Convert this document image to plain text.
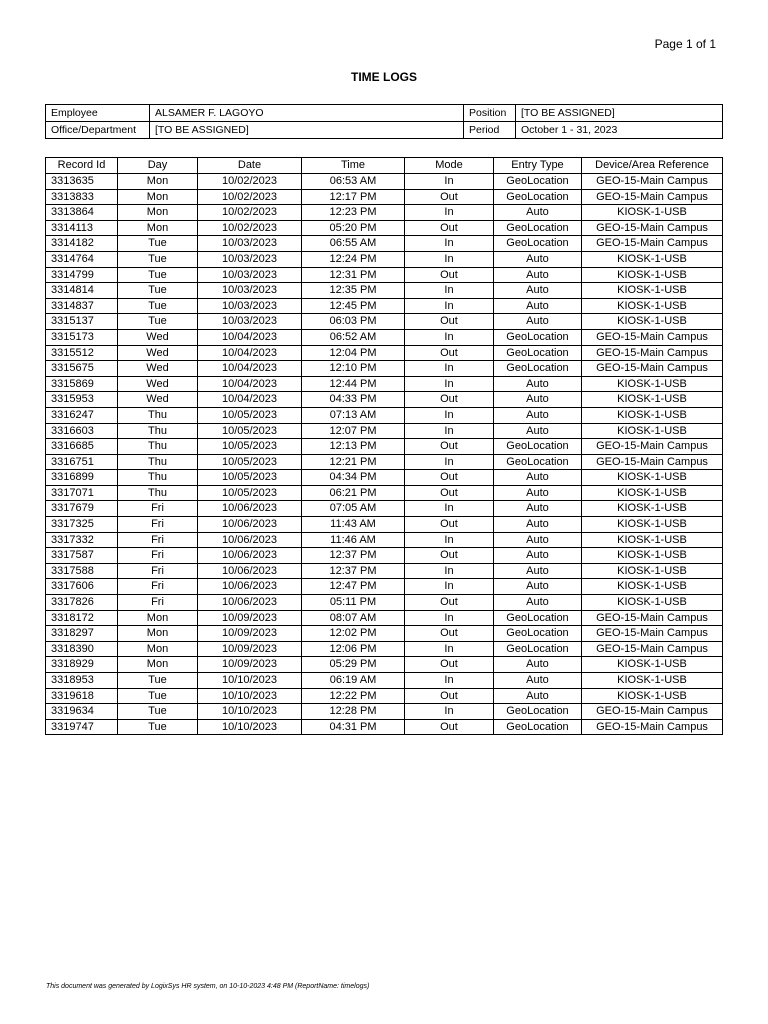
Page 1 of 1
TIME LOGS
Employee	ALSAMER F. LAGOYO	Position	[TO BE ASSIGNED]
Office/Department	[TO BE ASSIGNED]	Period	October 1 - 31, 2023
Record Id	Day	Date	Time	Mode	Entry Type	Device/Area Reference
3313635	Mon	10/02/2023	06:53 AM	In	GeoLocation	GEO-15-Main Campus
3313833	Mon	10/02/2023	12:17 PM	Out	GeoLocation	GEO-15-Main Campus
3313864	Mon	10/02/2023	12:23 PM	In	Auto	KIOSK-1-USB
3314113	Mon	10/02/2023	05:20 PM	Out	GeoLocation	GEO-15-Main Campus
3314182	Tue	10/03/2023	06:55 AM	In	GeoLocation	GEO-15-Main Campus
3314764	Tue	10/03/2023	12:24 PM	In	Auto	KIOSK-1-USB
3314799	Tue	10/03/2023	12:31 PM	Out	Auto	KIOSK-1-USB
3314814	Tue	10/03/2023	12:35 PM	In	Auto	KIOSK-1-USB
3314837	Tue	10/03/2023	12:45 PM	In	Auto	KIOSK-1-USB
3315137	Tue	10/03/2023	06:03 PM	Out	Auto	KIOSK-1-USB
3315173	Wed	10/04/2023	06:52 AM	In	GeoLocation	GEO-15-Main Campus
3315512	Wed	10/04/2023	12:04 PM	Out	GeoLocation	GEO-15-Main Campus
3315675	Wed	10/04/2023	12:10 PM	In	GeoLocation	GEO-15-Main Campus
3315869	Wed	10/04/2023	12:44 PM	In	Auto	KIOSK-1-USB
3315953	Wed	10/04/2023	04:33 PM	Out	Auto	KIOSK-1-USB
3316247	Thu	10/05/2023	07:13 AM	In	Auto	KIOSK-1-USB
3316603	Thu	10/05/2023	12:07 PM	In	Auto	KIOSK-1-USB
3316685	Thu	10/05/2023	12:13 PM	Out	GeoLocation	GEO-15-Main Campus
3316751	Thu	10/05/2023	12:21 PM	In	GeoLocation	GEO-15-Main Campus
3316899	Thu	10/05/2023	04:34 PM	Out	Auto	KIOSK-1-USB
3317071	Thu	10/05/2023	06:21 PM	Out	Auto	KIOSK-1-USB
3317679	Fri	10/06/2023	07:05 AM	In	Auto	KIOSK-1-USB
3317325	Fri	10/06/2023	11:43 AM	Out	Auto	KIOSK-1-USB
3317332	Fri	10/06/2023	11:46 AM	In	Auto	KIOSK-1-USB
3317587	Fri	10/06/2023	12:37 PM	Out	Auto	KIOSK-1-USB
3317588	Fri	10/06/2023	12:37 PM	In	Auto	KIOSK-1-USB
3317606	Fri	10/06/2023	12:47 PM	In	Auto	KIOSK-1-USB
3317826	Fri	10/06/2023	05:11 PM	Out	Auto	KIOSK-1-USB
3318172	Mon	10/09/2023	08:07 AM	In	GeoLocation	GEO-15-Main Campus
3318297	Mon	10/09/2023	12:02 PM	Out	GeoLocation	GEO-15-Main Campus
3318390	Mon	10/09/2023	12:06 PM	In	GeoLocation	GEO-15-Main Campus
3318929	Mon	10/09/2023	05:29 PM	Out	Auto	KIOSK-1-USB
3318953	Tue	10/10/2023	06:19 AM	In	Auto	KIOSK-1-USB
3319618	Tue	10/10/2023	12:22 PM	Out	Auto	KIOSK-1-USB
3319634	Tue	10/10/2023	12:28 PM	In	GeoLocation	GEO-15-Main Campus
3319747	Tue	10/10/2023	04:31 PM	Out	GeoLocation	GEO-15-Main Campus
This document was generated by LogixSys HR system, on 10-10-2023 4:48 PM (ReportName: timelogs)
